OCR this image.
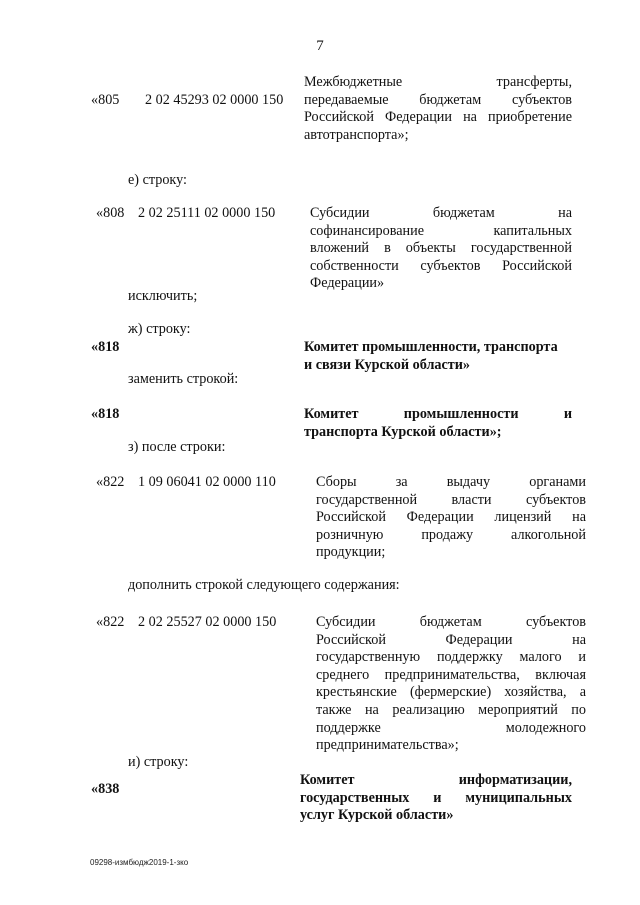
7
«805 2 02 45293 02 0000 150
Межбюджетные трансферты,
передаваемые бюджетам субъектов
Российской Федерации на приобретение
автотранспорта»;
е) строку:
«808 2 02 25111 02 0000 150 Субсидии бюджетам на
софинансирование капитальных
вложений в объекты государственной
собственности субъектов Российской
Федерации»
исключить;
ж) строку:
«818	Комитет промышленности, транспорта
и связи Курской области»
заменить строкой:
«818	Комитет промышленности и
транспорта Курской области»;
з) после строки:
«822 1 09 06041 02 0000 110	Сборы за выдачу органами
государственной власти субъектов
Российской Федерации лицензий на
розничную продажу алкогольной
продукции;
дополнить строкой следующего содержания:
«822 2 02 25527 02 0000 150	Субсидии бюджетам субъектов
Российской Федерации на
государственную поддержку малого и
среднего предпринимательства, включая
крестьянские (фермерские) хозяйства, а
также на реализацию мероприятий по
поддержке молодежного
предпринимательства»;
и) строку:
«838
Комитет информатизации,
государственных и муниципальных
услуг Курской области»
09298-измбюдж2019-1-зко
